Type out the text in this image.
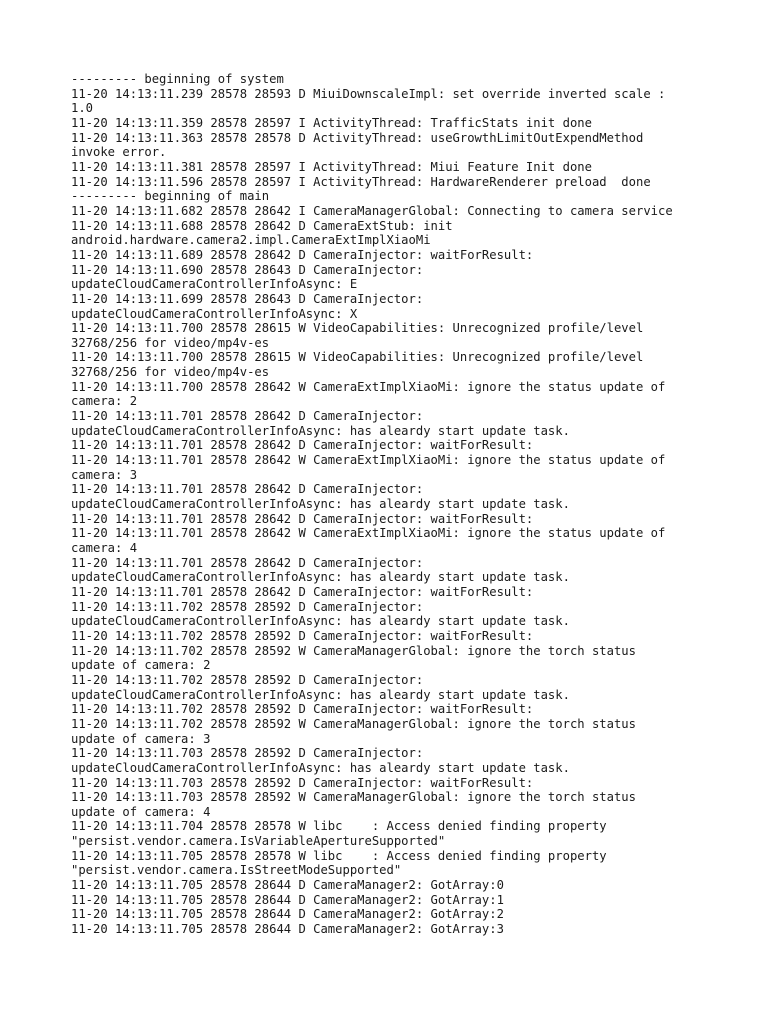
--------- beginning of system
11-20 14:13:11.239 28578 28593 D MiuiDownscaleImpl: set override inverted scale :
1.0
11-20 14:13:11.359 28578 28597 I ActivityThread: TrafficStats init done
11-20 14:13:11.363 28578 28578 D ActivityThread: useGrowthLimitOutExpendMethod
invoke error.
11-20 14:13:11.381 28578 28597 I ActivityThread: Miui Feature Init done
11-20 14:13:11.596 28578 28597 I ActivityThread: HardwareRenderer preload  done
--------- beginning of main
11-20 14:13:11.682 28578 28642 I CameraManagerGlobal: Connecting to camera service
11-20 14:13:11.688 28578 28642 D CameraExtStub: init
android.hardware.camera2.impl.CameraExtImplXiaoMi
11-20 14:13:11.689 28578 28642 D CameraInjector: waitForResult:
11-20 14:13:11.690 28578 28643 D CameraInjector:
updateCloudCameraControllerInfoAsync: E
11-20 14:13:11.699 28578 28643 D CameraInjector:
updateCloudCameraControllerInfoAsync: X
11-20 14:13:11.700 28578 28615 W VideoCapabilities: Unrecognized profile/level
32768/256 for video/mp4v-es
11-20 14:13:11.700 28578 28615 W VideoCapabilities: Unrecognized profile/level
32768/256 for video/mp4v-es
11-20 14:13:11.700 28578 28642 W CameraExtImplXiaoMi: ignore the status update of
camera: 2
11-20 14:13:11.701 28578 28642 D CameraInjector:
updateCloudCameraControllerInfoAsync: has aleardy start update task.
11-20 14:13:11.701 28578 28642 D CameraInjector: waitForResult:
11-20 14:13:11.701 28578 28642 W CameraExtImplXiaoMi: ignore the status update of
camera: 3
11-20 14:13:11.701 28578 28642 D CameraInjector:
updateCloudCameraControllerInfoAsync: has aleardy start update task.
11-20 14:13:11.701 28578 28642 D CameraInjector: waitForResult:
11-20 14:13:11.701 28578 28642 W CameraExtImplXiaoMi: ignore the status update of
camera: 4
11-20 14:13:11.701 28578 28642 D CameraInjector:
updateCloudCameraControllerInfoAsync: has aleardy start update task.
11-20 14:13:11.701 28578 28642 D CameraInjector: waitForResult:
11-20 14:13:11.702 28578 28592 D CameraInjector:
updateCloudCameraControllerInfoAsync: has aleardy start update task.
11-20 14:13:11.702 28578 28592 D CameraInjector: waitForResult:
11-20 14:13:11.702 28578 28592 W CameraManagerGlobal: ignore the torch status
update of camera: 2
11-20 14:13:11.702 28578 28592 D CameraInjector:
updateCloudCameraControllerInfoAsync: has aleardy start update task.
11-20 14:13:11.702 28578 28592 D CameraInjector: waitForResult:
11-20 14:13:11.702 28578 28592 W CameraManagerGlobal: ignore the torch status
update of camera: 3
11-20 14:13:11.703 28578 28592 D CameraInjector:
updateCloudCameraControllerInfoAsync: has aleardy start update task.
11-20 14:13:11.703 28578 28592 D CameraInjector: waitForResult:
11-20 14:13:11.703 28578 28592 W CameraManagerGlobal: ignore the torch status
update of camera: 4
11-20 14:13:11.704 28578 28578 W libc    : Access denied finding property
"persist.vendor.camera.IsVariableApertureSupported"
11-20 14:13:11.705 28578 28578 W libc    : Access denied finding property
"persist.vendor.camera.IsStreetModeSupported"
11-20 14:13:11.705 28578 28644 D CameraManager2: GotArray:0
11-20 14:13:11.705 28578 28644 D CameraManager2: GotArray:1
11-20 14:13:11.705 28578 28644 D CameraManager2: GotArray:2
11-20 14:13:11.705 28578 28644 D CameraManager2: GotArray:3
